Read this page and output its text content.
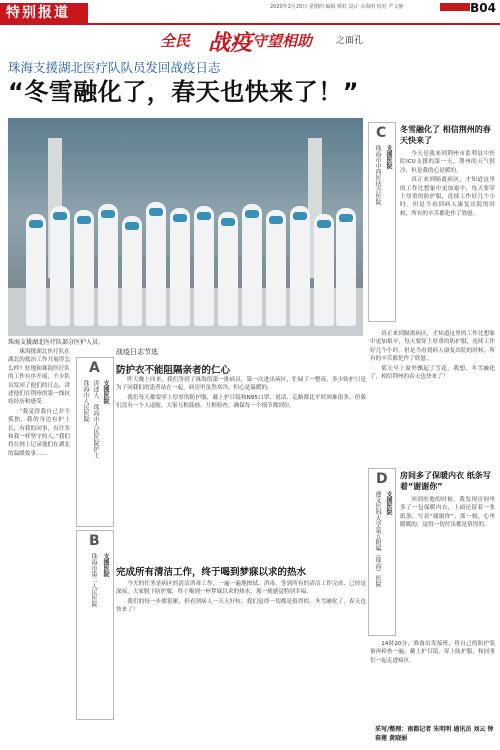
特别报道	2020年2月20日 星期四 编辑 蔡虹 设计 余海明 校对 严文静	B04
全民 战疫 守望相助	之面孔
珠海支援湖北医疗队队员发回战疫日志
“冬雪融化了，春天也快来了！”
珠海支援湖北医疗队部分医护人员。

珠海援湖北医疗队在湖北的救治工作开展得怎么样？驻地和珠海医疗队的工作有序开展，不少队员发回了他们的日志，讲述他们在荆州的第一线抗疫经历和感受。

“我觉得我自己并不孤独，我的身边有护士长，有我的同事，有许多和我一样坚守的人。”我们将在网上记录他们在湖北的温暖故事……

战疫日志节选
A
支援医院
讲述人：珠海市人民医院护士
珠海市人民医院
防护衣不能阻隔亲者的仁心

昨天晚上回来，我们等到了珠海的第一批病员，第一次进出病区，忙碌了一整夜，多少防护只是为了同我们的患者站在一起，病房里虽然寒冷，但心是温暖的。

我们每天都要穿上厚厚的防护服，戴上护目镜和N95口罩，说话、走路都比平时困难很多，但我们没有一个人退缩，大家互相鼓励、互相检查，确保每一个细节都到位。

B
支援医院
珠海市第二人民医院 完成所有清洁工作，终于喝到梦寐以求的热水

今天的任务是病区的清洁消毒工作，一遍一遍地擦拭、消毒，等到所有的清洁工作完成，已经是深夜。大家脱下防护服，终于喝到一杯梦寐以求的热水，那一刻感觉特别幸福。

我们的每一步都很累，但看到病人一天天好转，我们觉得一切都是值得的。冬雪融化了，春天也快来了！

C
支援医院
珠海市中西医结合医院
冬雪融化了 相信荆州的春天快来了

今天是我来到荆州市监利县中医院ICU支援的第一天，荆州的天气很冷，但是我的心是暖的。

真正来到隔离病区，才知道这里的工作比想象中更加艰辛，每天要穿上厚重的防护服，连续工作好几个小时。但是当看到病人康复出院的时候，所有的辛苦都化作了欣慰。

真正来到隔离病区，才知道这里的工作比想象中更加艰辛，每天要穿上厚重的防护服，连续工作好几个小时。但是当看到病人康复出院的时候，所有的辛苦都化作了欣慰。

那天早上窗外飘起了雪花，我想，冬雪融化了，相信荆州的春天也快来了！

D
支援医院
遵义医科大学第五附属（珠海）医院
房间多了保暖内衣 纸条写着“谢谢你”

回到驻地的时候，我发现房间里多了一包保暖内衣，上面还留着一张纸条，写着“谢谢你”。那一刻，心里暖暖的，觉得一切付出都是值得的。

14时20分，准备出发接班，将自己的防护装备再检查一遍，戴上护目镜，穿上防护服，和同事们一起走进病区。

采写/整理：南都记者 朱明明 通讯员 刘云 钟春莲 黄晓丽
